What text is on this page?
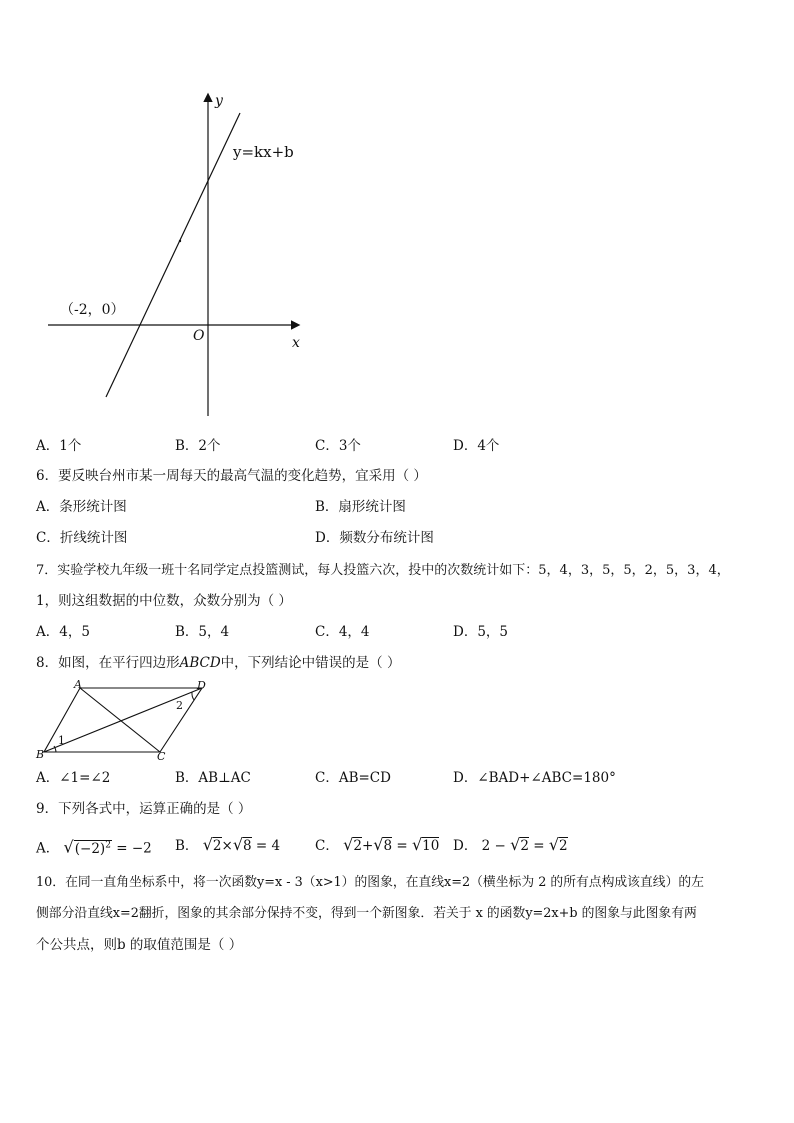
y
x
O
y=kx+b
（-2，0）
A．1个	B．2个	C．3个	D．4个
6．要反映台州市某一周每天的最高气温的变化趋势，宜采用（ ）
A．条形统计图	B．扇形统计图
C．折线统计图	D．频数分布统计图
7．实验学校九年级一班十名同学定点投篮测试，每人投篮六次，投中的次数统计如下：5，4，3，5，5，2，5，3，4，
1，则这组数据的中位数，众数分别为（ ）
A．4，5	B．5，4	C．4，4	D．5，5
8．如图，在平行四边形ABCD中，下列结论中错误的是（ ）
A	D
B	C
1
2
A．∠1=∠2	B．AB⊥AC	C．AB=CD	D．∠BAD+∠ABC=180°
9．下列各式中，运算正确的是（ ）
A． $√(-2)^2 = -2$ B． √2×√8 = 4	C． √2+√8 = √10 D． 2 − √2 = √2
10．在同一直角坐标系中，将一次函数y=x - 3（x>1）的图象，在直线x=2（横坐标为 2 的所有点构成该直线）的左
侧部分沿直线x=2翻折，图象的其余部分保持不变，得到一个新图象．若关于 x 的函数y=2x+b 的图象与此图象有两
个公共点，则b 的取值范围是（ ）
